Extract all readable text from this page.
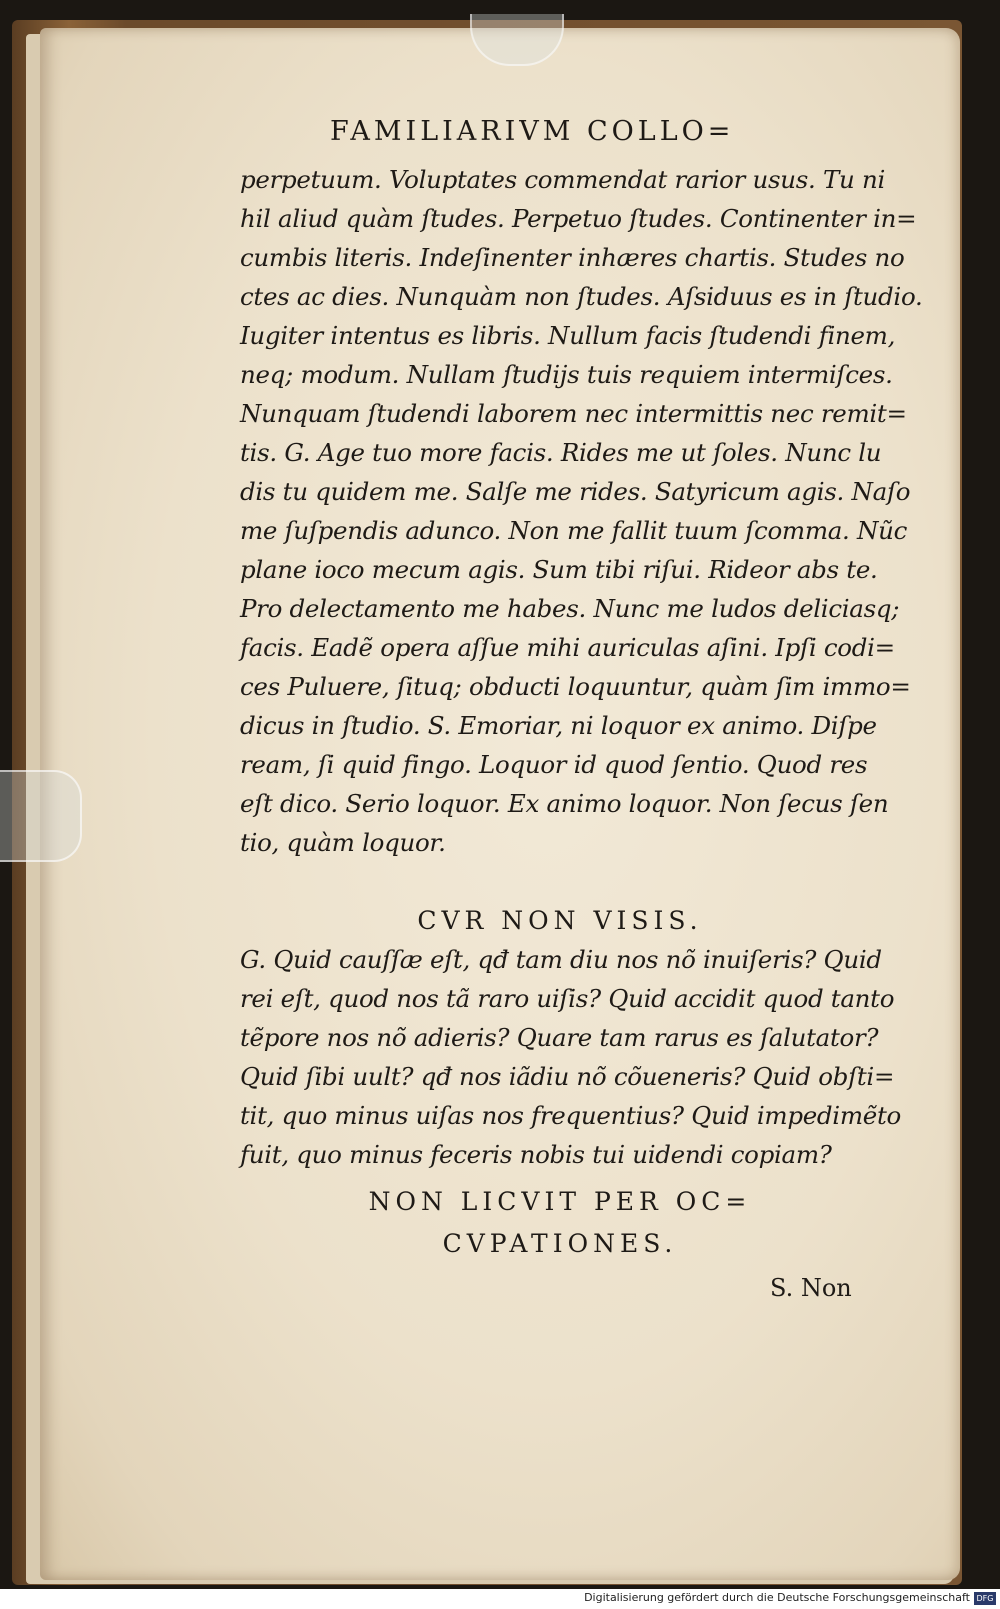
FAMILIARIVM COLLO=
perpetuum. Voluptates commendat rarior usus. Tu ni
hil aliud quàm ſtudes. Perpetuo ſtudes. Continenter in=
cumbis literis. Indeſinenter inhæres chartis. Studes no
ctes ac dies. Nunquàm non ſtudes. Aſsiduus es in ſtudio.
Iugiter intentus es libris. Nullum facis ſtudendi finem,
neq; modum. Nullam ſtudijs tuis requiem intermiſces.
Nunquam ſtudendi laborem nec intermittis nec remit=
tis. G. Age tuo more facis. Rides me ut ſoles. Nunc lu
dis tu quidem me. Salſe me rides. Satyricum agis. Naſo
me ſuſpendis adunco. Non me fallit tuum ſcomma. Nũc
plane ioco mecum agis. Sum tibi riſui. Rideor abs te.
Pro delectamento me habes. Nunc me ludos deliciasq;
facis. Eadẽ opera aſſue mihi auriculas aſini. Ipſi codi=
ces Puluere, ſituq; obducti loquuntur, quàm ſim immo=
dicus in ſtudio. S. Emoriar, ni loquor ex animo. Diſpe
ream, ſi quid fingo. Loquor id quod ſentio. Quod res
eſt dico. Serio loquor. Ex animo loquor. Non ſecus ſen
tio, quàm loquor.
CVR NON VISIS.
G. Quid cauſſæ eſt, qđ tam diu nos nõ inuiſeris? Quid
rei eſt, quod nos tã raro uiſis? Quid accidit quod tanto
tẽpore nos nõ adieris? Quare tam rarus es ſalutator?
Quid ſibi uult? qđ nos iãdiu nõ cõueneris? Quid obſti=
tit, quo minus uiſas nos frequentius? Quid impedimẽto
fuit, quo minus feceris nobis tui uidendi copiam?
NON LICVIT PER OC=
CVPATIONES.
S. Non
Digitalisierung gefördert durch die Deutsche Forschungsgemeinschaft DFG
